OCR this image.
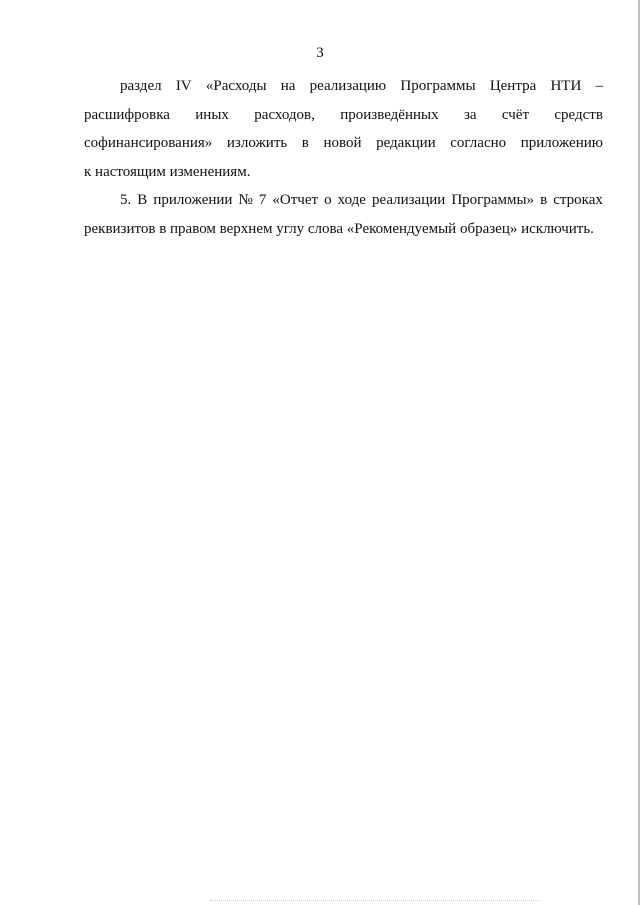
3
раздел IV «Расходы на реализацию Программы Центра НТИ –
расшифровка иных расходов, произведённых за счёт средств
софинансирования» изложить в новой редакции согласно приложению
к настоящим изменениям.
5. В приложении № 7 «Отчет о ходе реализации Программы» в строках
реквизитов в правом верхнем углу слова «Рекомендуемый образец» исключить.
